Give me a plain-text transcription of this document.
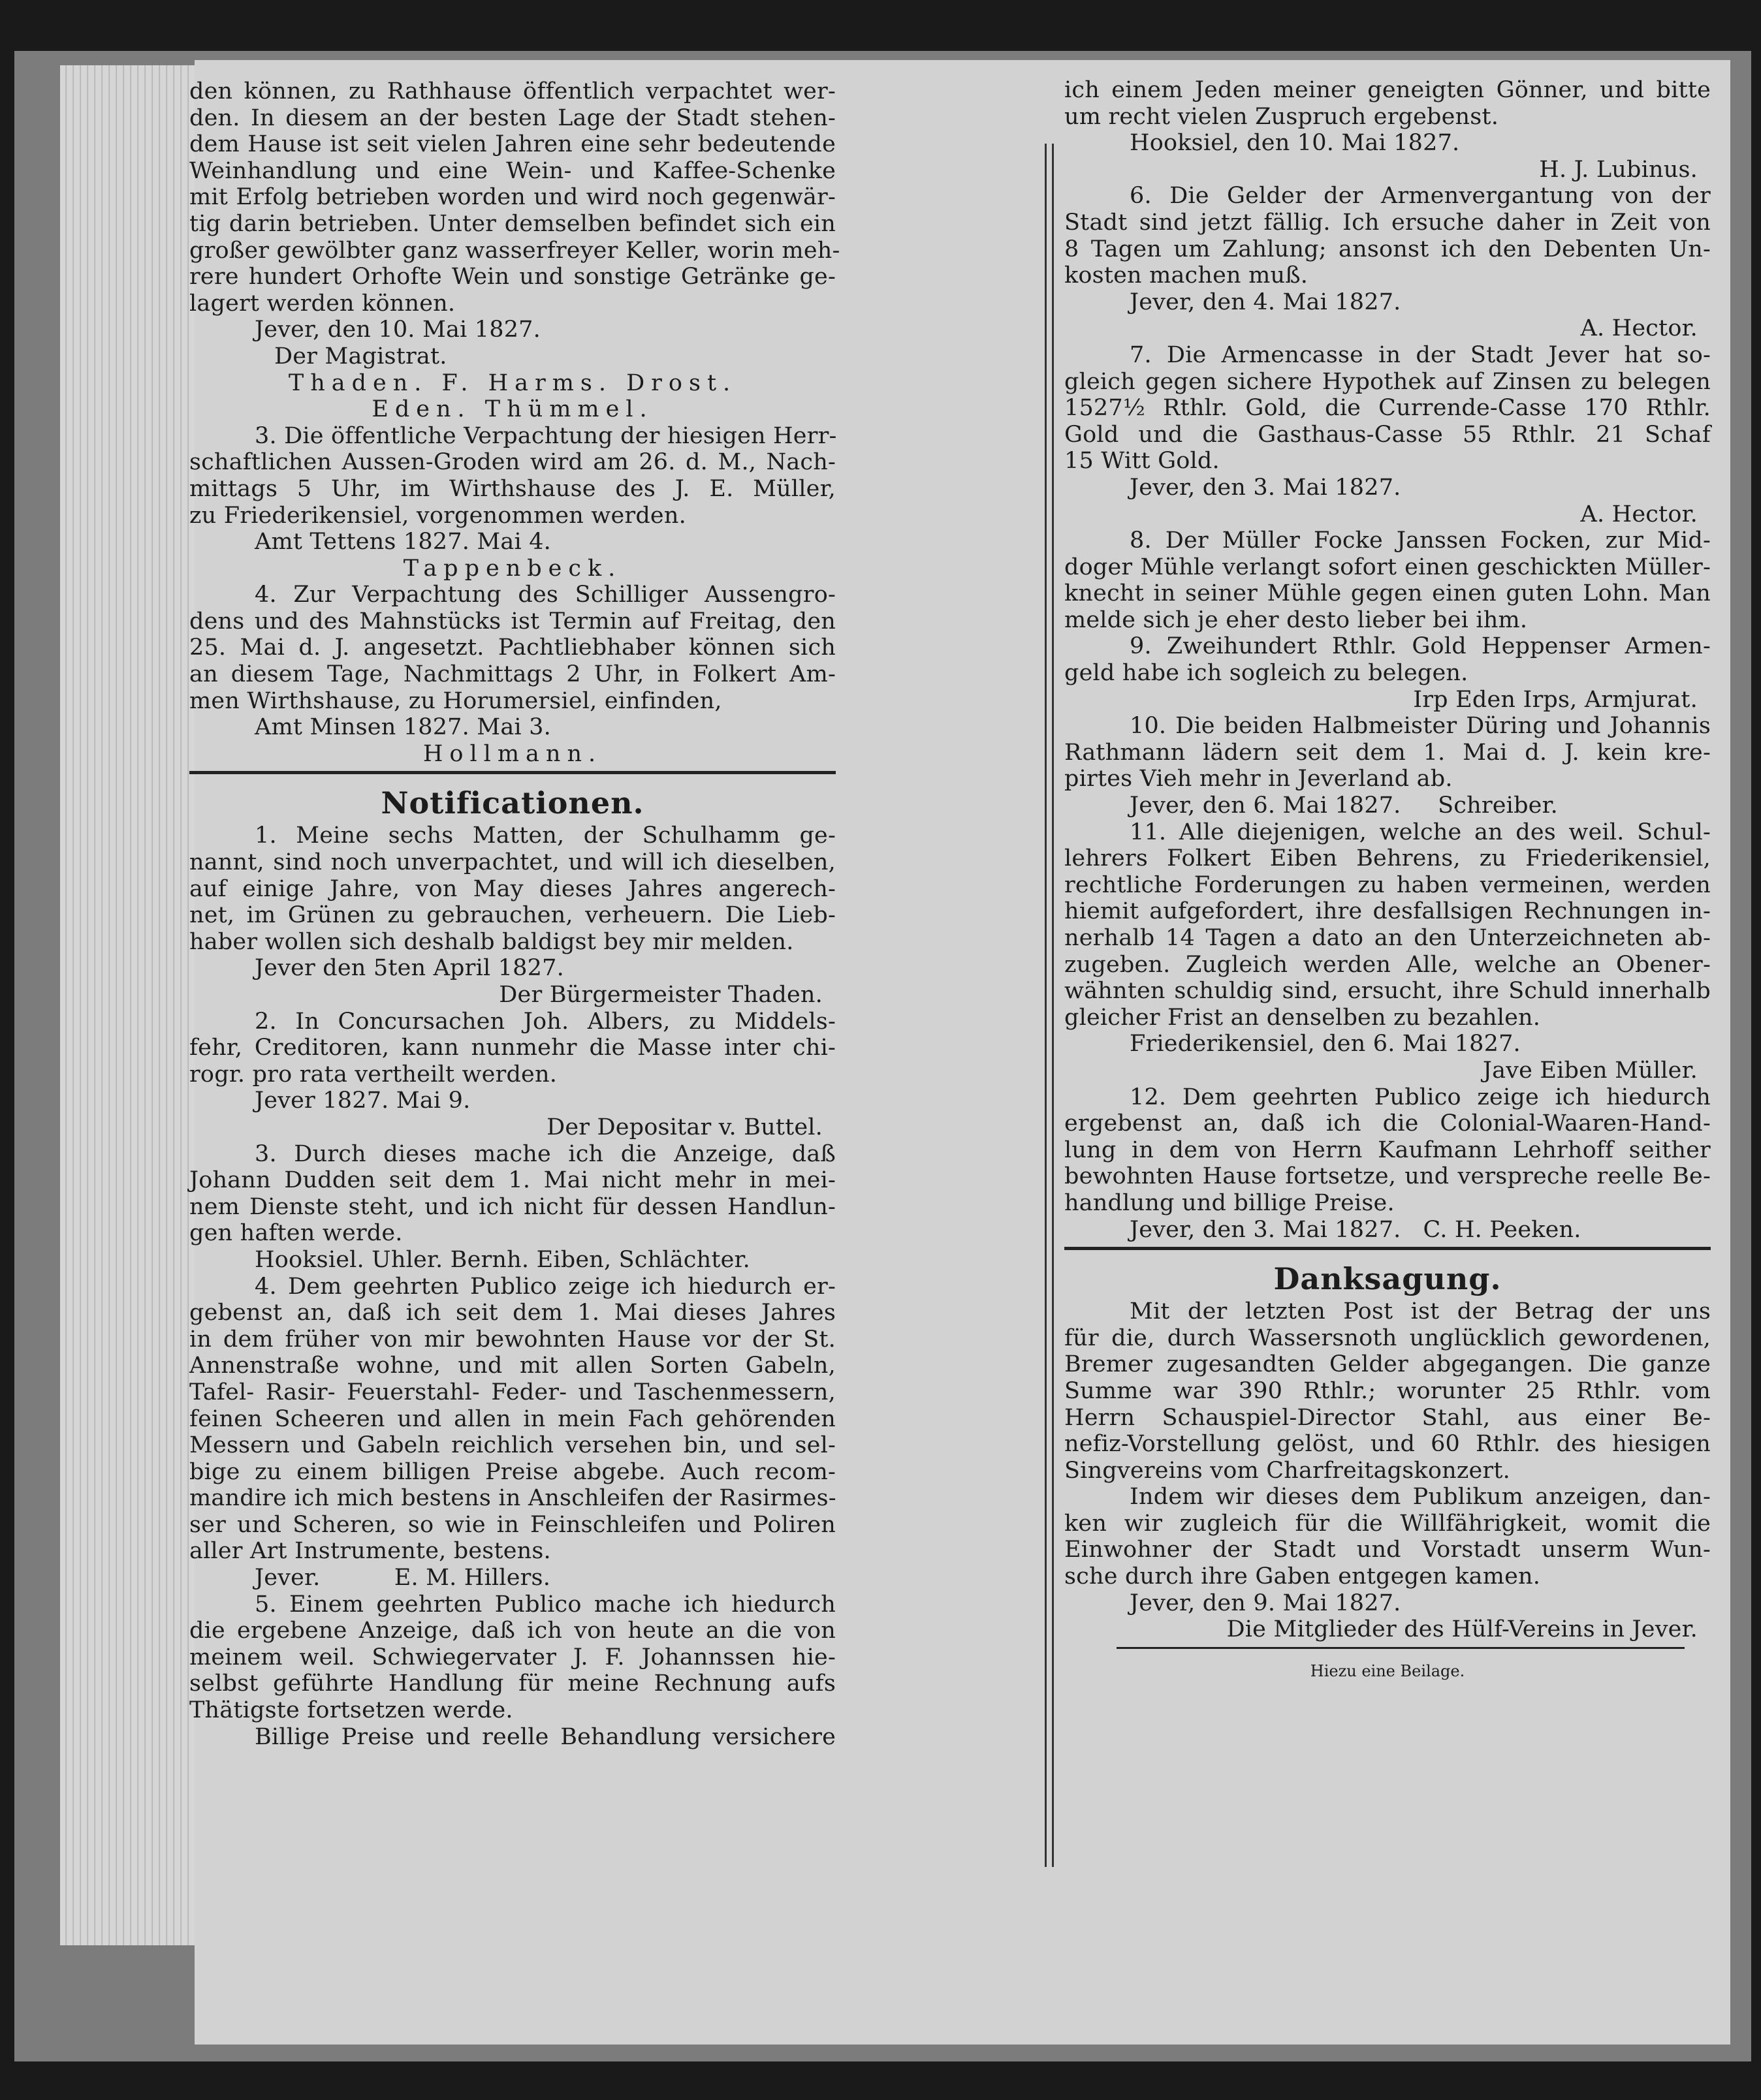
den können, zu Rathhause öffentlich verpachtet wer-
den. In diesem an der besten Lage der Stadt stehen-
dem Hause ist seit vielen Jahren eine sehr bedeutende
Weinhandlung und eine Wein- und Kaffee-Schenke
mit Erfolg betrieben worden und wird noch gegenwär-
tig darin betrieben. Unter demselben befindet sich ein
großer gewölbter ganz wasserfreyer Keller, worin meh-
rere hundert Orhofte Wein und sonstige Getränke ge-
lagert werden können.
Jever, den 10. Mai 1827.
Der Magistrat.
Thaden. F. Harms. Drost.
Eden. Thümmel.
3. Die öffentliche Verpachtung der hiesigen Herr-
schaftlichen Aussen-Groden wird am 26. d. M., Nach-
mittags 5 Uhr, im Wirthshause des J. E. Müller,
zu Friederikensiel, vorgenommen werden.
Amt Tettens 1827. Mai 4.
Tappenbeck.
4. Zur Verpachtung des Schilliger Aussengro-
dens und des Mahnstücks ist Termin auf Freitag, den
25. Mai d. J. angesetzt. Pachtliebhaber können sich
an diesem Tage, Nachmittags 2 Uhr, in Folkert Am-
men Wirthshause, zu Horumersiel, einfinden,
Amt Minsen 1827. Mai 3.
Hollmann.
Notificationen.
1. Meine sechs Matten, der Schulhamm ge-
nannt, sind noch unverpachtet, und will ich dieselben,
auf einige Jahre, von May dieses Jahres angerech-
net, im Grünen zu gebrauchen, verheuern. Die Lieb-
haber wollen sich deshalb baldigst bey mir melden.
Jever den 5ten April 1827.
Der Bürgermeister Thaden.
2. In Concursachen Joh. Albers, zu Middels-
fehr, Creditoren, kann nunmehr die Masse inter chi-
rogr. pro rata vertheilt werden.
Jever 1827. Mai 9.
Der Depositar v. Buttel.
3. Durch dieses mache ich die Anzeige, daß
Johann Dudden seit dem 1. Mai nicht mehr in mei-
nem Dienste steht, und ich nicht für dessen Handlun-
gen haften werde.
Hooksiel. Uhler. Bernh. Eiben, Schlächter.
4. Dem geehrten Publico zeige ich hiedurch er-
gebenst an, daß ich seit dem 1. Mai dieses Jahres
in dem früher von mir bewohnten Hause vor der St.
Annenstraße wohne, und mit allen Sorten Gabeln,
Tafel- Rasir- Feuerstahl- Feder- und Taschenmessern,
feinen Scheeren und allen in mein Fach gehörenden
Messern und Gabeln reichlich versehen bin, und sel-
bige zu einem billigen Preise abgebe. Auch recom-
mandire ich mich bestens in Anschleifen der Rasirmes-
ser und Scheren, so wie in Feinschleifen und Poliren
aller Art Instrumente, bestens.
Jever.          E. M. Hillers.
5. Einem geehrten Publico mache ich hiedurch
die ergebene Anzeige, daß ich von heute an die von
meinem weil. Schwiegervater J. F. Johannssen hie-
selbst geführte Handlung für meine Rechnung aufs
Thätigste fortsetzen werde.
Billige Preise und reelle Behandlung versichere
ich einem Jeden meiner geneigten Gönner, und bitte
um recht vielen Zuspruch ergebenst.
Hooksiel, den 10. Mai 1827.
H. J. Lubinus.
6. Die Gelder der Armenvergantung von der
Stadt sind jetzt fällig. Ich ersuche daher in Zeit von
8 Tagen um Zahlung; ansonst ich den Debenten Un-
kosten machen muß.
Jever, den 4. Mai 1827.
A. Hector.
7. Die Armencasse in der Stadt Jever hat so-
gleich gegen sichere Hypothek auf Zinsen zu belegen
1527½ Rthlr. Gold, die Currende-Casse 170 Rthlr.
Gold und die Gasthaus-Casse 55 Rthlr. 21 Schaf
15 Witt Gold.
Jever, den 3. Mai 1827.
A. Hector.
8. Der Müller Focke Janssen Focken, zur Mid-
doger Mühle verlangt sofort einen geschickten Müller-
knecht in seiner Mühle gegen einen guten Lohn. Man
melde sich je eher desto lieber bei ihm.
9. Zweihundert Rthlr. Gold Heppenser Armen-
geld habe ich sogleich zu belegen.
Irp Eden Irps, Armjurat.
10. Die beiden Halbmeister Düring und Johannis
Rathmann lädern seit dem 1. Mai d. J. kein kre-
pirtes Vieh mehr in Jeverland ab.
Jever, den 6. Mai 1827.     Schreiber.
11. Alle diejenigen, welche an des weil. Schul-
lehrers Folkert Eiben Behrens, zu Friederikensiel,
rechtliche Forderungen zu haben vermeinen, werden
hiemit aufgefordert, ihre desfallsigen Rechnungen in-
nerhalb 14 Tagen a dato an den Unterzeichneten ab-
zugeben. Zugleich werden Alle, welche an Obener-
wähnten schuldig sind, ersucht, ihre Schuld innerhalb
gleicher Frist an denselben zu bezahlen.
Friederikensiel, den 6. Mai 1827.
Jave Eiben Müller.
12. Dem geehrten Publico zeige ich hiedurch
ergebenst an, daß ich die Colonial-Waaren-Hand-
lung in dem von Herrn Kaufmann Lehrhoff seither
bewohnten Hause fortsetze, und verspreche reelle Be-
handlung und billige Preise.
Jever, den 3. Mai 1827.   C. H. Peeken.
Danksagung.
Mit der letzten Post ist der Betrag der uns
für die, durch Wassersnoth unglücklich gewordenen,
Bremer zugesandten Gelder abgegangen. Die ganze
Summe war 390 Rthlr.; worunter 25 Rthlr. vom
Herrn Schauspiel-Director Stahl, aus einer Be-
nefiz-Vorstellung gelöst, und 60 Rthlr. des hiesigen
Singvereins vom Charfreitagskonzert.
Indem wir dieses dem Publikum anzeigen, dan-
ken wir zugleich für die Willfährigkeit, womit die
Einwohner der Stadt und Vorstadt unserm Wun-
sche durch ihre Gaben entgegen kamen.
Jever, den 9. Mai 1827.
Die Mitglieder des Hülf-Vereins in Jever.
Hiezu eine Beilage.
